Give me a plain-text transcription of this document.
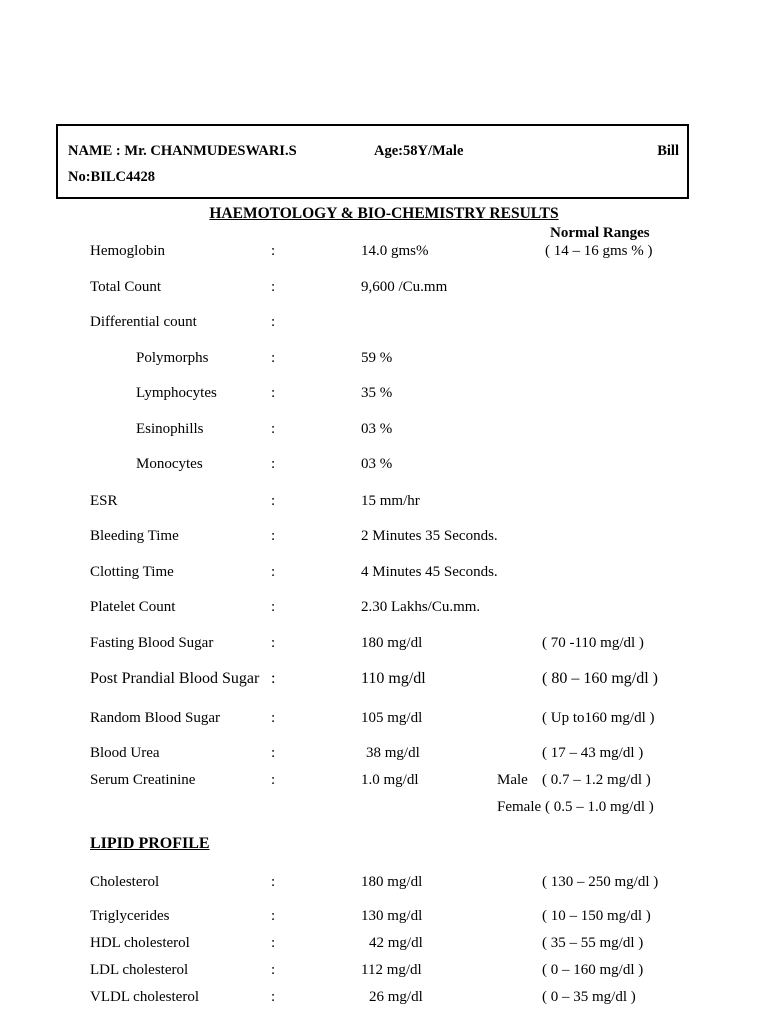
NAME : Mr. CHANMUDESWARI.S	Age:58Y/Male	Bill
No:BILC4428
HAEMOTOLOGY & BIO-CHEMISTRY RESULTS
Normal Ranges
Hemoglobin	:	14.0 gms%	( 14 – 16 gms % )
Total Count	:	9,600 /Cu.mm
Differential count	:
Polymorphs	:	59 %
Lymphocytes	:	35 %
Esinophills	:	03 %
Monocytes	:	03 %
ESR	:	15 mm/hr
Bleeding Time	:	2 Minutes 35 Seconds.
Clotting Time	:	4 Minutes 45 Seconds.
Platelet Count	:	2.30 Lakhs/Cu.mm.
Fasting Blood Sugar	:	180 mg/dl	( 70 -110 mg/dl )
Post Prandial Blood Sugar :	110 mg/dl	( 80 – 160 mg/dl )
Random Blood Sugar	:	105 mg/dl	( Up to160 mg/dl )
Blood Urea	:	38 mg/dl	( 17 – 43 mg/dl )
Serum Creatinine	:	1.0 mg/dl	Male ( 0.7 – 1.2 mg/dl )
Female ( 0.5 – 1.0 mg/dl )
LIPID PROFILE
Cholesterol	:	180 mg/dl	( 130 – 250 mg/dl )
Triglycerides	:	130 mg/dl	( 10 – 150 mg/dl )
HDL cholesterol	:	42 mg/dl	( 35 – 55 mg/dl )
LDL cholesterol	:	112 mg/dl	( 0 – 160 mg/dl )
VLDL cholesterol	:	26 mg/dl	( 0 – 35 mg/dl )
